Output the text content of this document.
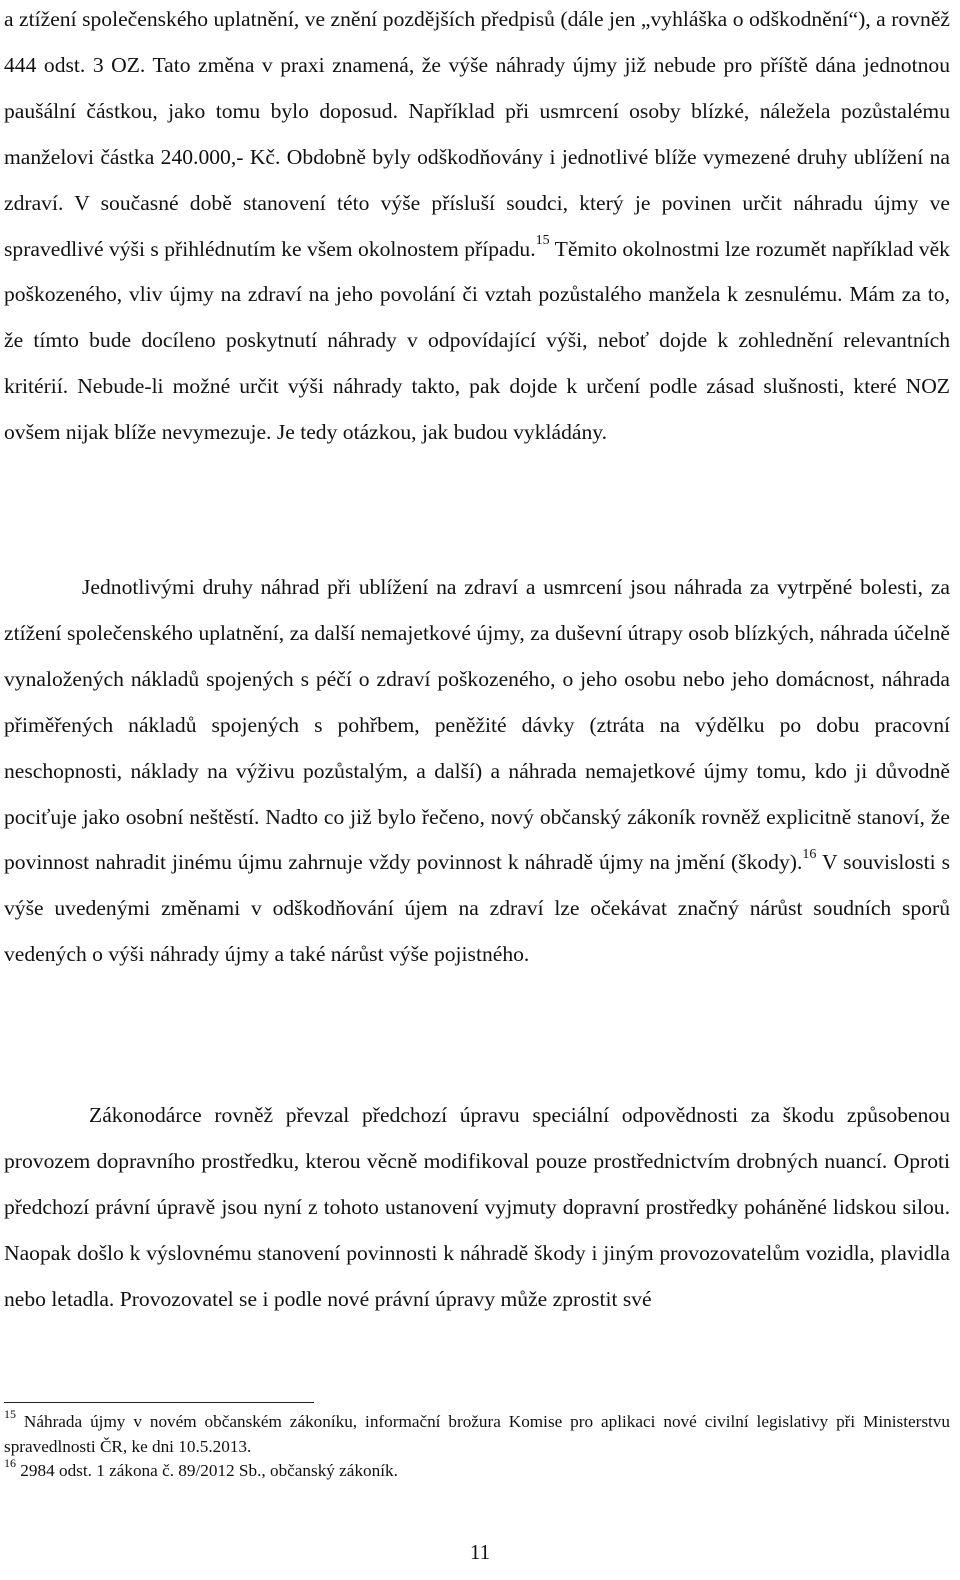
a ztížení společenského uplatnění, ve znění pozdějších předpisů (dále jen „vyhláška o odškodnění“), a rovněž 444 odst. 3 OZ. Tato změna v praxi znamená, že výše náhrady újmy již nebude pro příště dána jednotnou paušální částkou, jako tomu bylo doposud. Například při usmrcení osoby blízké, náležela pozůstalému manželovi částka 240.000,- Kč. Obdobně byly odškodňovány i jednotlivé blíže vymezené druhy ublížení na zdraví. V současné době stanovení této výše přísluší soudci, který je povinen určit náhradu újmy ve spravedlivé výši s přihlédnutím ke všem okolnostem případu.$^{15}$ Těmito okolnostmi lze rozumět například věk poškozeného, vliv újmy na zdraví na jeho povolání či vztah pozůstalého manžela k zesnulému. Mám za to, že tímto bude docíleno poskytnutí náhrady v odpovídající výši, neboť dojde k zohlednění relevantních kritérií. Nebude-li možné určit výši náhrady takto, pak dojde k určení podle zásad slušnosti, které NOZ ovšem nijak blíže nevymezuje. Je tedy otázkou, jak budou vykládány.

Jednotlivými druhy náhrad při ublížení na zdraví a usmrcení jsou náhrada za vytrpěné bolesti, za ztížení společenského uplatnění, za další nemajetkové újmy, za duševní útrapy osob blízkých, náhrada účelně vynaložených nákladů spojených s péčí o zdraví poškozeného, o jeho osobu nebo jeho domácnost, náhrada přiměřených nákladů spojených s pohřbem, peněžité dávky (ztráta na výdělku po dobu pracovní neschopnosti, náklady na výživu pozůstalým, a další) a náhrada nemajetkové újmy tomu, kdo ji důvodně pociťuje jako osobní neštěstí. Nadto co již bylo řečeno, nový občanský zákoník rovněž explicitně stanoví, že povinnost nahradit jinému újmu zahrnuje vždy povinnost k náhradě újmy na jmění (škody).$^{16}$ V souvislosti s výše uvedenými změnami v odškodňování újem na zdraví lze očekávat značný nárůst soudních sporů vedených o výši náhrady újmy a také nárůst výše pojistného.

Zákonodárce rovněž převzal předchozí úpravu speciální odpovědnosti za škodu způsobenou provozem dopravního prostředku, kterou věcně modifikoval pouze prostřednictvím drobných nuancí. Oproti předchozí právní úpravě jsou nyní z tohoto ustanovení vyjmuty dopravní prostředky poháněné lidskou silou. Naopak došlo k výslovnému stanovení povinnosti k náhradě škody i jiným provozovatelům vozidla, plavidla nebo letadla. Provozovatel se i podle nové právní úpravy může zprostit své

$^{15}$ Náhrada újmy v novém občanském zákoníku, informační brožura Komise pro aplikaci nové civilní legislativy při Ministerstvu spravedlnosti ČR, ke dni 10.5.2013.

$^{16}$ 2984 odst. 1 zákona č. 89/2012 Sb., občanský zákoník.

11
